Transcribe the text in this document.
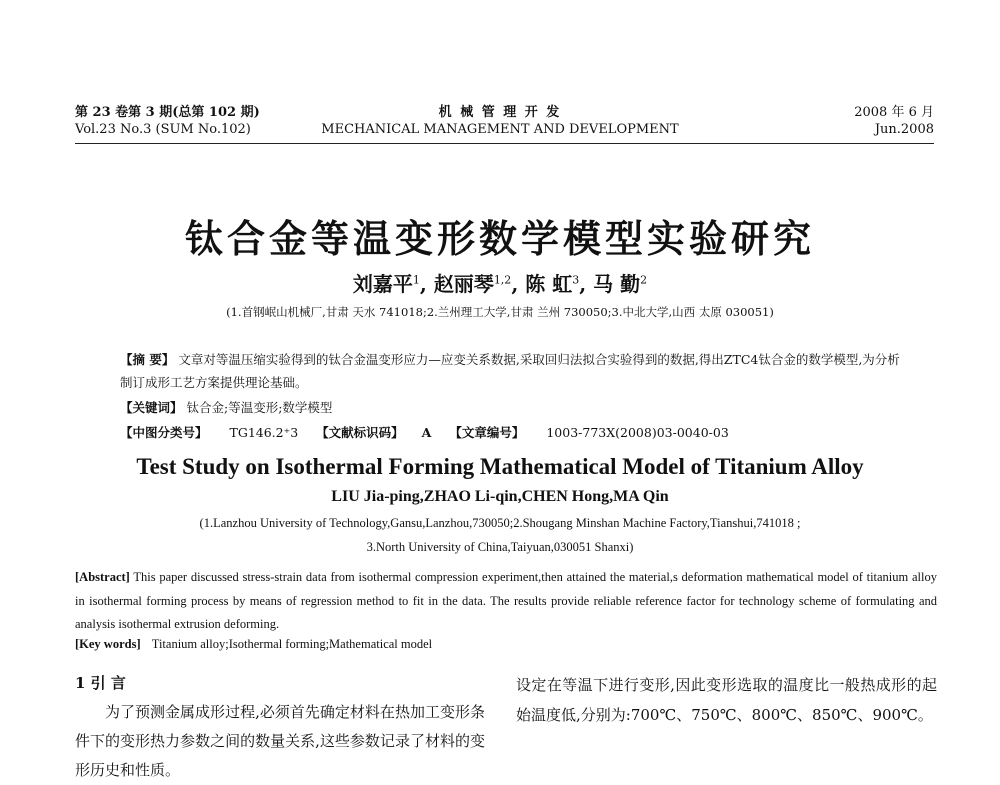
第 23 卷第 3 期(总第 102 期)
Vol.23 No.3 (SUM No.102)
机 械 管 理 开 发
MECHANICAL MANAGEMENT AND DEVELOPMENT
2008 年 6 月
Jun.2008
钛合金等温变形数学模型实验研究
刘嘉平$^1$, 赵丽琴$^{1,2}$, 陈 虹$^3$, 马 勤$^2$
(1.首钢岷山机械厂,甘肃 天水 741018;2.兰州理工大学,甘肃 兰州 730050;3.中北大学,山西 太原 030051)
【摘 要】 文章对等温压缩实验得到的钛合金温变形应力—应变关系数据,采取回归法拟合实验得到的数据,得出ZTC4钛合金的数学模型,为分析制订成形工艺方案提供理论基础。
【关键词】 钛合金;等温变形;数学模型
【中图分类号】 TG146.2⁺3 【文献标识码】 A 【文章编号】 1003-773X(2008)03-0040-03
Test Study on Isothermal Forming Mathematical Model of Titanium Alloy
LIU Jia-ping,ZHAO Li-qin,CHEN Hong,MA Qin
(1.Lanzhou University of Technology,Gansu,Lanzhou,730050;2.Shougang Minshan Machine Factory,Tianshui,741018 ;
3.North University of China,Taiyuan,030051 Shanxi)
[Abstract] This paper discussed stress-strain data from isothermal compression experiment,then attained the material,s deformation mathematical model of titanium alloy in isothermal forming process by means of regression method to fit in the data. The results provide reliable reference factor for technology scheme of formulating and analysis isothermal extrusion deforming.
[Key words] Titanium alloy;Isothermal forming;Mathematical model
1 引 言
为了预测金属成形过程,必须首先确定材料在热加工变形条件下的变形热力参数之间的数量关系,这些参数记录了材料的变形历史和性质。
设定在等温下进行变形,因此变形选取的温度比一般热成形的起始温度低,分别为:700℃、750℃、800℃、850℃、900℃。
